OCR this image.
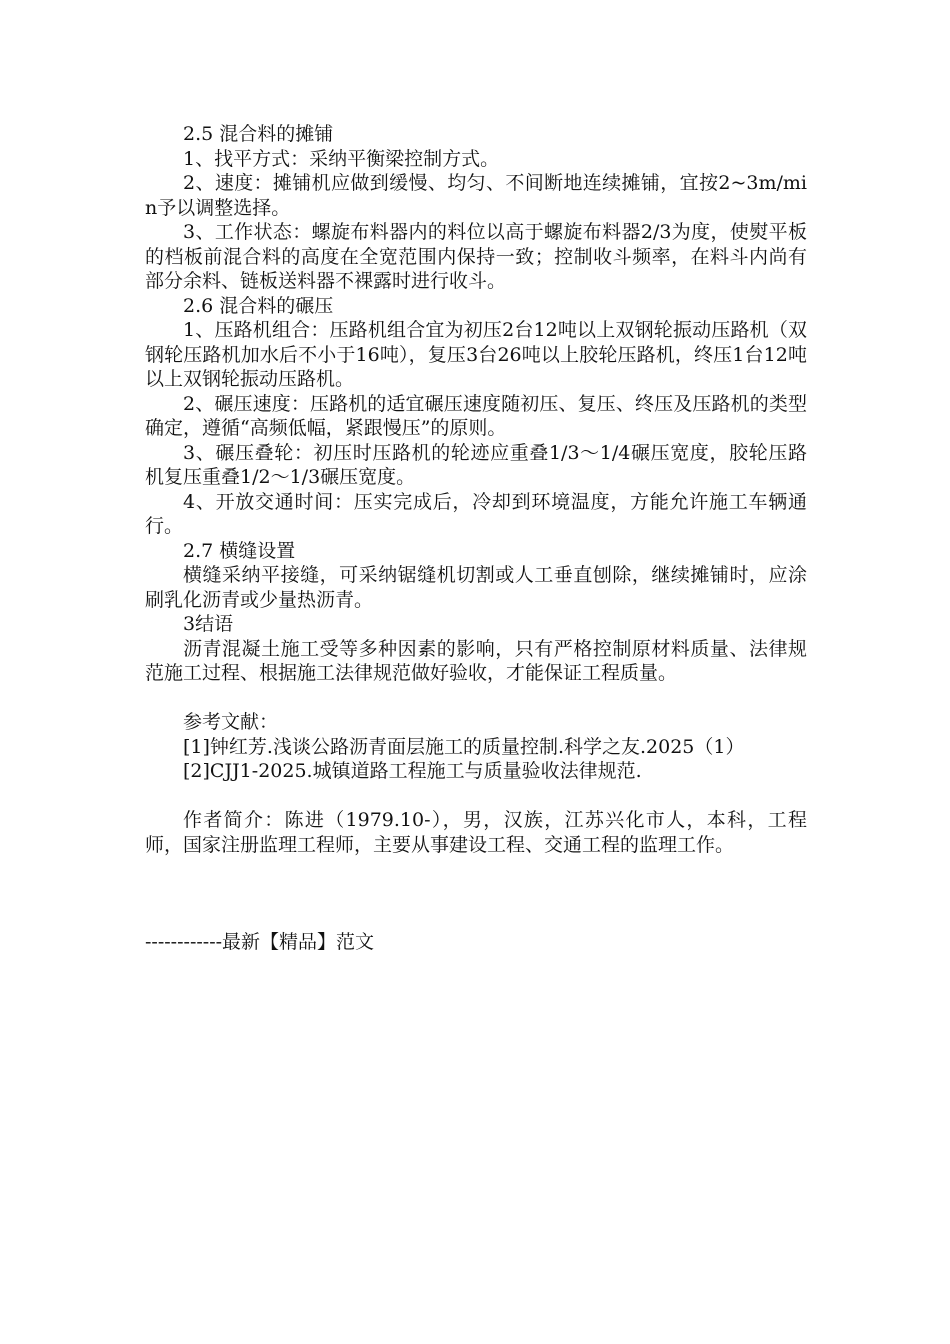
2.5 混合料的摊铺

1、找平方式：采纳平衡梁控制方式。

2、速度：摊铺机应做到缓慢、均匀、不间断地连续摊铺，宜按2~3m/min予以调整选择。

3、工作状态：螺旋布料器内的料位以高于螺旋布料器2/3为度，使熨平板的档板前混合料的高度在全宽范围内保持一致；控制收斗频率，在料斗内尚有部分余料、链板送料器不裸露时进行收斗。

2.6 混合料的碾压

1、压路机组合：压路机组合宜为初压2台12吨以上双钢轮振动压路机（双钢轮压路机加水后不小于16吨），复压3台26吨以上胶轮压路机，终压1台12吨以上双钢轮振动压路机。

2、碾压速度：压路机的适宜碾压速度随初压、复压、终压及压路机的类型确定，遵循“高频低幅，紧跟慢压”的原则。

3、碾压叠轮：初压时压路机的轮迹应重叠1/3～1/4碾压宽度，胶轮压路机复压重叠1/2～1/3碾压宽度。

4、开放交通时间：压实完成后，冷却到环境温度，方能允许施工车辆通行。

2.7 横缝设置

横缝采纳平接缝，可采纳锯缝机切割或人工垂直刨除，继续摊铺时，应涂刷乳化沥青或少量热沥青。

3结语

沥青混凝土施工受等多种因素的影响，只有严格控制原材料质量、法律规范施工过程、根据施工法律规范做好验收，才能保证工程质量。

参考文献：

[1]钟红芳.浅谈公路沥青面层施工的质量控制.科学之友.2025（1）

[2]CJJ1-2025.城镇道路工程施工与质量验收法律规范.

作者简介：陈进（1979.10-），男，汉族，江苏兴化市人，本科，工程师，国家注册监理工程师，主要从事建设工程、交通工程的监理工作。

------------最新【精品】范文
